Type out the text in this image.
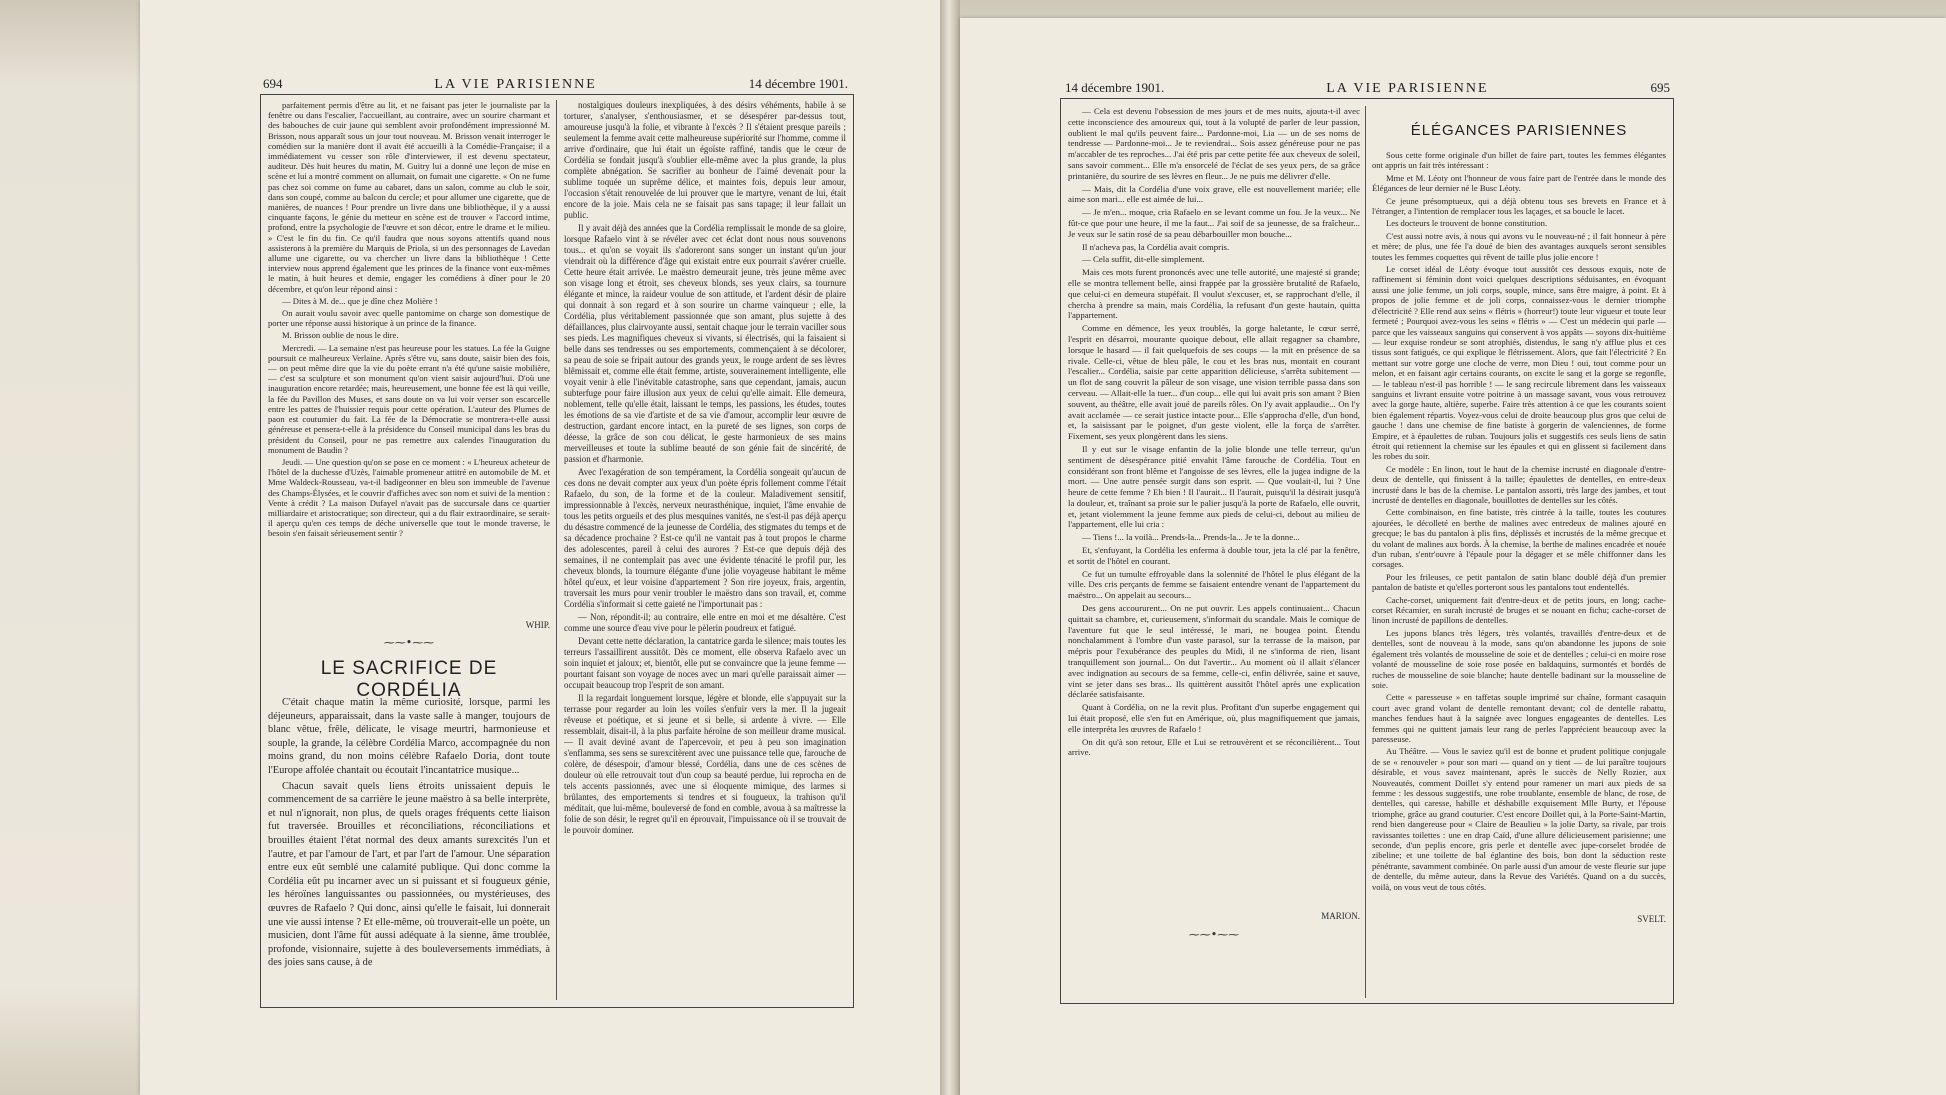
694	LA VIE PARISIENNE	14 décembre 1901.

parfaitement permis d'être au lit, et ne faisant pas jeter le journaliste par la fenêtre ou dans l'escalier, l'accueillant, au contraire, avec un sourire charmant et des babouches de cuir jaune qui semblent avoir profondément impressionné M. Brisson, nous apparaît sous un jour tout nouveau. M. Brisson venait interroger le comédien sur la manière dont il avait été accueilli à la Comédie-Française; il a immédiatement vu cesser son rôle d'interviewer, il est devenu spectateur, auditeur. Dès huit heures du matin, M. Guitry lui a donné une leçon de mise en scène et lui a montré comment on allumait, on fumait une cigarette. « On ne fume pas chez soi comme on fume au cabaret, dans un salon, comme au club le soir, dans son coupé, comme au balcon du cercle; et pour allumer une cigarette, que de manières, de nuances ! Pour prendre un livre dans une bibliothèque, il y a aussi cinquante façons, le génie du metteur en scène est de trouver « l'accord intime, profond, entre la psychologie de l'œuvre et son décor, entre le drame et le milieu. » C'est le fin du fin. Ce qu'il faudra que nous soyons attentifs quand nous assisterons à la première du Marquis de Priola, si un des personnages de Lavedan allume une cigarette, ou va chercher un livre dans la bibliothèque ! Cette interview nous apprend également que les princes de la finance vont eux-mêmes le matin, à huit heures et demie, engager les comédiens à dîner pour le 20 décembre, et qu'on leur répond ainsi :

— Dites à M. de... que je dîne chez Molière !

On aurait voulu savoir avec quelle pantomime on charge son domestique de porter une réponse aussi historique à un prince de la finance.

M. Brisson oublie de nous le dire.

Mercredi. — La semaine n'est pas heureuse pour les statues. La fée la Guigne poursuit ce malheureux Verlaine. Après s'être vu, sans doute, saisir bien des fois, — on peut même dire que la vie du poète errant n'a été qu'une saisie mobilière, — c'est sa sculpture et son monument qu'on vient saisir aujourd'hui. D'où une inauguration encore retardée; mais, heureusement, une bonne fée est là qui veille, la fée du Pavillon des Muses, et sans doute on va lui voir verser son escarcelle entre les pattes de l'huissier requis pour cette opération. L'auteur des Plumes de paon est coutumier du fait. La fée de la Démocratie se montrera-t-elle aussi généreuse et pensera-t-elle à la présidence du Conseil municipal dans les bras du président du Conseil, pour ne pas remettre aux calendes l'inauguration du monument de Baudin ?

Jeudi. — Une question qu'on se pose en ce moment : « L'heureux acheteur de l'hôtel de la duchesse d'Uzès, l'aimable promeneur attitré en automobile de M. et Mme Waldeck-Rousseau, va-t-il badigeonner en bleu son immeuble de l'avenue des Champs-Élysées, et le couvrir d'affiches avec son nom et suivi de la mention : Vente à crédit ? La maison Dufayel n'avait pas de succursale dans ce quartier milliardaire et aristocratique; son directeur, qui a du flair extraordinaire, se serait-il aperçu qu'en ces temps de déche universelle que tout le monde traverse, le besoin s'en faisait sérieusement sentir ?

WHIP.
⁓⁓•⁓⁓
LE SACRIFICE DE CORDÉLIA

C'était chaque matin la même curiosité, lorsque, parmi les déjeuneurs, apparaissait, dans la vaste salle à manger, toujours de blanc vêtue, frêle, délicate, le visage meurtri, harmonieuse et souple, la grande, la célèbre Cordélia Marco, accompagnée du non moins grand, du non moins célèbre Rafaelo Doria, dont toute l'Europe affolée chantait ou écoutait l'incantatrice musique...

Chacun savait quels liens étroits unissaient depuis le commencement de sa carrière le jeune maëstro à sa belle interprète, et nul n'ignorait, non plus, de quels orages fréquents cette liaison fut traversée. Brouilles et réconciliations, réconciliations et brouilles étaient l'état normal des deux amants surexcités l'un et l'autre, et par l'amour de l'art, et par l'art de l'amour. Une séparation entre eux eût semblé une calamité publique. Qui donc comme la Cordélia eût pu incarner avec un si puissant et si fougueux génie, les héroïnes languissantes ou passionnées, ou mystérieuses, des œuvres de Rafaelo ? Qui donc, ainsi qu'elle le faisait, lui donnerait une vie aussi intense ? Et elle-même, où trouverait-elle un poète, un musicien, dont l'âme fût aussi adéquate à la sienne, âme troublée, profonde, visionnaire, sujette à des bouleversements immédiats, à des joies sans cause, à de

nostalgiques douleurs inexpliquées, à des désirs véhéments, habile à se torturer, s'analyser, s'enthousiasmer, et se désespérer par-dessus tout, amoureuse jusqu'à la folie, et vibrante à l'excès ? Il s'étaient presque pareils ; seulement la femme avait cette malheureuse supériorité sur l'homme, comme il arrive d'ordinaire, que lui était un égoïste raffiné, tandis que le cœur de Cordélia se fondait jusqu'à s'oublier elle-même avec la plus grande, la plus complète abnégation. Se sacrifier au bonheur de l'aimé devenait pour la sublime toquée un suprême délice, et maintes fois, depuis leur amour, l'occasion s'était renouvelée de lui prouver que le martyre, venant de lui, était encore de la joie. Mais cela ne se faisait pas sans tapage; il leur fallait un public.

Il y avait déjà des années que la Cordélia remplissait le monde de sa gloire, lorsque Rafaelo vint à se révéler avec cet éclat dont nous nous souvenons tous... et qu'on se voyait ils s'adoreront sans songer un instant qu'un jour viendrait où la différence d'âge qui existait entre eux pourrait s'avérer cruelle. Cette heure était arrivée. Le maëstro demeurait jeune, très jeune même avec son visage long et étroit, ses cheveux blonds, ses yeux clairs, sa tournure élégante et mince, la raideur voulue de son attitude, et l'ardent désir de plaire qui donnait à son regard et à son sourire un charme vainqueur ; elle, la Cordélia, plus véritablement passionnée que son amant, plus sujette à des défaillances, plus clairvoyante aussi, sentait chaque jour le terrain vaciller sous ses pieds. Les magnifiques cheveux si vivants, si électrisés, qui la faisaient si belle dans ses tendresses ou ses emportements, commençaient à se décolorer, sa peau de soie se fripait autour des grands yeux, le rouge ardent de ses lèvres blêmissait et, comme elle était femme, artiste, souverainement intelligente, elle voyait venir à elle l'inévitable catastrophe, sans que cependant, jamais, aucun subterfuge pour faire illusion aux yeux de celui qu'elle aimait. Elle demeura, noblement, telle qu'elle était, laissant le temps, les passions, les études, toutes les émotions de sa vie d'artiste et de sa vie d'amour, accomplir leur œuvre de destruction, gardant encore intact, en la pureté de ses lignes, son corps de déesse, la grâce de son cou délicat, le geste harmonieux de ses mains merveilleuses et toute la sublime beauté de son génie fait de sincérité, de passion et d'harmonie.

Avec l'exagération de son tempérament, la Cordélia songeait qu'aucun de ces dons ne devait compter aux yeux d'un poète épris follement comme l'était Rafaelo, du son, de la forme et de la couleur. Maladivement sensitif, impressionnable à l'excès, nerveux neurasthénique, inquiet, l'âme envahie de tous les petits orgueils et des plus mesquines vanités, ne s'est-il pas déjà aperçu du désastre commencé de la jeunesse de Cordélia, des stigmates du temps et de sa décadence prochaine ? Est-ce qu'il ne vantait pas à tout propos le charme des adolescentes, pareil à celui des aurores ? Est-ce que depuis déjà des semaines, il ne contemplait pas avec une évidente ténacité le profil pur, les cheveux blonds, la tournure élégante d'une jolie voyageuse habitant le même hôtel qu'eux, et leur voisine d'appartement ? Son rire joyeux, frais, argentin, traversait les murs pour venir troubler le maëstro dans son travail, et, comme Cordélia s'informait si cette gaieté ne l'importunait pas :

— Non, répondit-il; au contraire, elle entre en moi et me désaltère. C'est comme une source d'eau vive pour le pèlerin poudreux et fatigué.

Devant cette nette déclaration, la cantatrice garda le silence; mais toutes les terreurs l'assaillirent aussitôt. Dès ce moment, elle observa Rafaelo avec un soin inquiet et jaloux; et, bientôt, elle put se convaincre que la jeune femme — pourtant faisant son voyage de noces avec un mari qu'elle paraissait aimer — occupait beaucoup trop l'esprit de son amant.

Il la regardait longuement lorsque, légère et blonde, elle s'appuyait sur la terrasse pour regarder au loin les voiles s'enfuir vers la mer. Il la jugeait rêveuse et poétique, et si jeune et si belle, si ardente à vivre. — Elle ressemblait, disait-il, à la plus parfaite héroïne de son meilleur drame musical. — Il avait deviné avant de l'apercevoir, et peu à peu son imagination s'enflamma, ses sens se surexcitèrent avec une puissance telle que, farouche de colère, de désespoir, d'amour blessé, Cordélia, dans une de ces scènes de douleur où elle retrouvait tout d'un coup sa beauté perdue, lui reprocha en de tels accents passionnés, avec une si éloquente mimique, des larmes si brûlantes, des emportements si tendres et si fougueux, la trahison qu'il méditait, que lui-même, bouleversé de fond en comble, avoua à sa maîtresse la folie de son désir, le regret qu'il en éprouvait, l'impuissance où il se trouvait de le pouvoir dominer.

14 décembre 1901.	LA VIE PARISIENNE	695

— Cela est devenu l'obsession de mes jours et de mes nuits, ajouta-t-il avec cette inconscience des amoureux qui, tout à la volupté de parler de leur passion, oublient le mal qu'ils peuvent faire... Pardonne-moi, Lia — un de ses noms de tendresse — Pardonne-moi... Je te reviendrai... Sois assez généreuse pour ne pas m'accabler de tes reproches... J'ai été pris par cette petite fée aux cheveux de soleil, sans savoir comment... Elle m'a ensorcelé de l'éclat de ses yeux pers, de sa grâce printanière, du sourire de ses lèvres en fleur... Je ne puis me délivrer d'elle.

— Mais, dit la Cordélia d'une voix grave, elle est nouvellement mariée; elle aime son mari... elle est aimée de lui...

— Je m'en... moque, cria Rafaelo en se levant comme un fou. Je la veux... Ne fût-ce que pour une heure, il me la faut... J'ai soif de sa jeunesse, de sa fraîcheur... Je veux sur le satin rosé de sa peau débarbouiller mon bouche...

Il n'acheva pas, la Cordélia avait compris.

— Cela suffit, dit-elle simplement.

Mais ces mots furent prononcés avec une telle autorité, une majesté si grande; elle se montra tellement belle, ainsi frappée par la grossière brutalité de Rafaelo, que celui-ci en demeura stupéfait. Il voulut s'excuser, et, se rapprochant d'elle, il chercha à prendre sa main, mais Cordélia, la refusant d'un geste hautain, quitta l'appartement.

Comme en démence, les yeux troublés, la gorge haletante, le cœur serré, l'esprit en désarroi, mourante quoique debout, elle allait regagner sa chambre, lorsque le hasard — il fait quelquefois de ses coups — la mit en présence de sa rivale. Celle-ci, vêtue de bleu pâle, le cou et les bras nus, montait en courant l'escalier... Cordélia, saisie par cette apparition délicieuse, s'arrêta subitement — un flot de sang couvrit la pâleur de son visage, une vision terrible passa dans son cerveau. — Allait-elle la tuer... d'un coup... elle qui lui avait pris son amant ? Bien souvent, au théâtre, elle avait joué de pareils rôles. On l'y avait applaudie... On l'y avait acclamée — ce serait justice intacte pour... Elle s'approcha d'elle, d'un bond, et, la saisissant par le poignet, d'un geste violent, elle la força de s'arrêter. Fixement, ses yeux plongèrent dans les siens.

Il y eut sur le visage enfantin de la jolie blonde une telle terreur, qu'un sentiment de désespérance pitié envahit l'âme farouche de Cordélia. Tout en considérant son front blême et l'angoisse de ses lèvres, elle la jugea indigne de la mort. — Une autre pensée surgit dans son esprit. — Que voulait-il, lui ? Une heure de cette femme ? Eh bien ! Il l'aurait... Il l'aurait, puisqu'il la désirait jusqu'à la douleur, et, traînant sa proie sur le palier jusqu'à la porte de Rafaelo, elle ouvrit, et, jetant violemment la jeune femme aux pieds de celui-ci, debout au milieu de l'appartement, elle lui cria :

— Tiens !... la voilà... Prends-la... Prends-la... Je te la donne...

Et, s'enfuyant, la Cordélia les enferma à double tour, jeta la clé par la fenêtre, et sortit de l'hôtel en courant.

Ce fut un tumulte effroyable dans la solennité de l'hôtel le plus élégant de la ville. Des cris perçants de femme se faisaient entendre venant de l'appartement du maëstro... On appelait au secours...

Des gens accoururent... On ne put ouvrir. Les appels continuaient... Chacun quittait sa chambre, et, curieusement, s'informait du scandale. Mais le comique de l'aventure fut que le seul intéressé, le mari, ne bougea point. Étendu nonchalamment à l'ombre d'un vaste parasol, sur la terrasse de la maison, par mépris pour l'exubérance des peuples du Midi, il ne s'informa de rien, lisant tranquillement son journal... On dut l'avertir... Au moment où il allait s'élancer avec indignation au secours de sa femme, celle-ci, enfin délivrée, saine et sauve, vint se jeter dans ses bras... Ils quittèrent aussitôt l'hôtel après une explication déclarée satisfaisante.

Quant à Cordélia, on ne la revit plus. Profitant d'un superbe engagement qui lui était proposé, elle s'en fut en Amérique, où, plus magnifiquement que jamais, elle interpréta les œuvres de Rafaelo !

On dit qu'à son retour, Elle et Lui se retrouvèrent et se réconcilièrent... Tout arrive.

MARION.
⁓⁓•⁓⁓
ÉLÉGANCES PARISIENNES

Sous cette forme originale d'un billet de faire part, toutes les femmes élégantes ont appris un fait très intéressant :

Mme et M. Léoty ont l'honneur de vous faire part de l'entrée dans le monde des Élégances de leur dernier né le Busc Léoty.

Ce jeune présomptueux, qui a déjà obtenu tous ses brevets en France et à l'étranger, a l'intention de remplacer tous les laçages, et sa boucle le lacet.

Les docteurs le trouvent de bonne constitution.

C'est aussi notre avis, à nous qui avons vu le nouveau-né ; il fait honneur à père et mère; de plus, une fée l'a doué de bien des avantages auxquels seront sensibles toutes les femmes coquettes qui rêvent de taille plus jolie encore !

Le corset idéal de Léoty évoque tout aussitôt ces dessous exquis, note de raffinement si féminin dont voici quelques descriptions séduisantes, en évoquant aussi une jolie femme, un joli corps, souple, mince, sans être maigre, à point. Et à propos de jolie femme et de joli corps, connaissez-vous le dernier triomphe d'électricité ? Elle rend aux seins « flétris » (horreur!) toute leur vigueur et toute leur fermeté ; Pourquoi avez-vous les seins « flétris » — C'est un médecin qui parle — parce que les vaisseaux sanguins qui conservent à vos appâts — soyons dix-huitième — leur exquise rondeur se sont atrophiés, distendus, le sang n'y afflue plus et ces tissus sont fatigués, ce qui explique le flétrissement. Alors, que fait l'électricité ? En mettant sur votre gorge une cloche de verre, mon Dieu ! oui, tout comme pour un melon, et en faisant agir certains courants, on excite le sang et la gorge se regonfle, — le tableau n'est-il pas horrible ! — le sang recircule librement dans les vaisseaux sanguins et livrant ensuite votre poitrine à un massage savant, vous vous retrouvez avec la gorge haute, altière, superbe. Faire très attention à ce que les courants soient bien également répartis. Voyez-vous celui de droite beaucoup plus gros que celui de gauche ! dans une chemise de fine batiste à gorgerin de valenciennes, de forme Empire, et à épaulettes de ruban. Toujours jolis et suggestifs ces seuls liens de satin étroit qui retiennent la chemise sur les épaules et qui en glissent si facilement dans les robes du soir.

Ce modèle : En linon, tout le haut de la chemise incrusté en diagonale d'entre-deux de dentelle, qui finissent à la taille; épaulettes de dentelles, en entre-deux incrusté dans le bas de la chemise. Le pantalon assorti, très large des jambes, et tout incrusté de dentelles en diagonale, bouillottes de dentelles sur les côtés.

Cette combinaison, en fine batiste, très cintrée à la taille, toutes les coutures ajourées, le décolleté en berthe de malines avec entredeux de malines ajouré en grecque; le bas du pantalon à plis fins, déplissés et incrustés de la même grecque et du volant de malines aux bords. À la chemise, la berthe de malines encadrée et nouée d'un ruban, s'entr'ouvre à l'épaule pour la dégager et se mêle chiffonner dans les corsages.

Pour les frileuses, ce petit pantalon de satin blanc doublé déjà d'un premier pantalon de batiste et qu'elles porteront sous les pantalons tout endentellés.

Cache-corset, uniquement fait d'entre-deux et de petits jours, en long; cache-corset Récamier, en surah incrusté de bruges et se nouant en fichu; cache-corset de linon incrusté de papillons de dentelles.

Les jupons blancs très légers, très volantés, travaillés d'entre-deux et de dentelles, sont de nouveau à la mode, sans qu'on abandonne les jupons de soie également très volantés de mousseline de soie et de dentelles ; celui-ci en moire rose volanté de mousseline de soie rose posée en baldaquins, surmontés et bordés de ruches de mousseline de soie blanche; haute dentelle badinant sur la mousseline de soie.

Cette « paresseuse » en taffetas souple imprimé sur chaîne, formant casaquin court avec grand volant de dentelle remontant devant; col de dentelle rabattu, manches fendues haut à la saignée avec longues engageantes de dentelles. Les femmes qui ne quittent jamais leur rang de perles l'apprécient beaucoup avec la paresseuse.

Au Théâtre. — Vous le saviez qu'il est de bonne et prudent politique conjugale de se « renouveler » pour son mari — quand on y tient — de lui paraître toujours désirable, et vous savez maintenant, après le succès de Nelly Rozier, aux Nouveautés, comment Doillet s'y entend pour ramener un mari aux pieds de sa femme : les dessous suggestifs, une robe troublante, ensemble de blanc, de rose, de dentelles, qui caresse, habille et déshabille exquisement Mlle Burty, et l'épouse triomphe, grâce au grand couturier. C'est encore Doillet qui, à la Porte-Saint-Martin, rend bien dangereuse pour « Claire de Beaulieu » la jolie Darty, sa rivale, par trois ravissantes toilettes : une en drap Caïd, d'une allure délicieusement parisienne; une seconde, d'un peplis encore, gris perle et dentelle avec jupe-corselet brodée de zibeline; et une toilette de bal églantine des bois, bon dont la séduction reste pénétrante, savamment combinée. On parle aussi d'un amour de veste fleurie sur jupe de dentelle, du même auteur, dans la Revue des Variétés. Quand on a du succès, voilà, on vous veut de tous côtés.

SVELT.
